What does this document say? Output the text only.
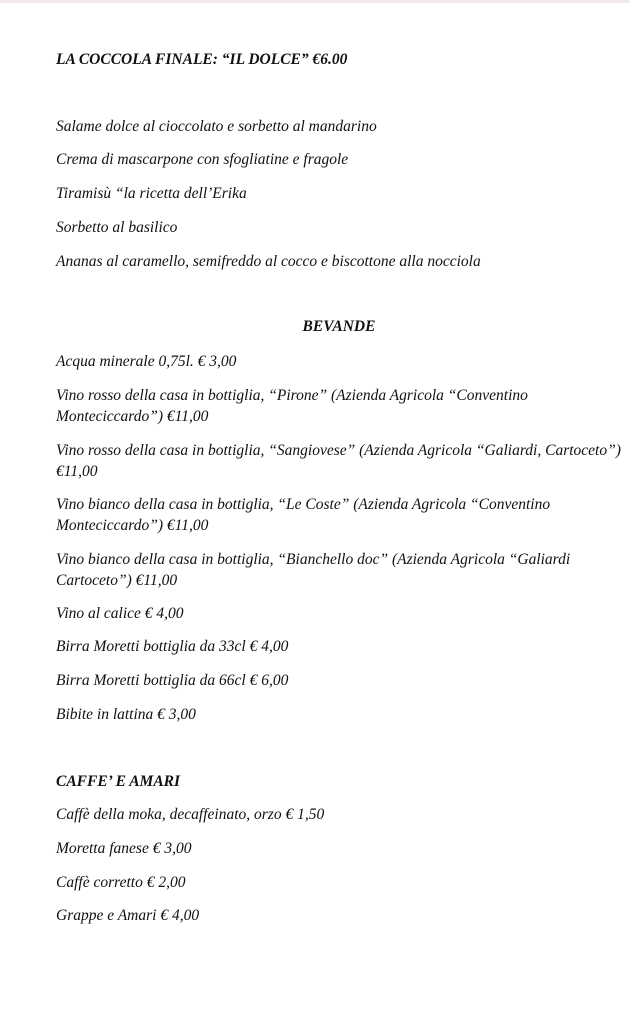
LA COCCOLA FINALE: “IL DOLCE” €6.00
Salame dolce al cioccolato e sorbetto al mandarino
Crema di mascarpone con sfogliatine e fragole
Tiramisù “la ricetta dell’Erika
Sorbetto al basilico
Ananas al caramello, semifreddo al cocco e biscottone alla nocciola
BEVANDE
Acqua minerale 0,75l. € 3,00
Vino rosso della casa in bottiglia, “Pirone” (Azienda Agricola “Conventino Monteciccardo”) €11,00
Vino rosso della casa in bottiglia, “Sangiovese” (Azienda Agricola “Galiardi, Cartoceto”) €11,00
Vino bianco della casa in bottiglia, “Le Coste” (Azienda Agricola “Conventino Monteciccardo”) €11,00
Vino bianco della casa in bottiglia, “Bianchello doc” (Azienda Agricola “Galiardi Cartoceto”) €11,00
Vino al calice € 4,00
Birra Moretti bottiglia da 33cl € 4,00
Birra Moretti bottiglia da 66cl € 6,00
Bibite in lattina € 3,00
CAFFE’ E AMARI
Caffè della moka, decaffeinato, orzo € 1,50
Moretta fanese € 3,00
Caffè corretto € 2,00
Grappe e Amari € 4,00
